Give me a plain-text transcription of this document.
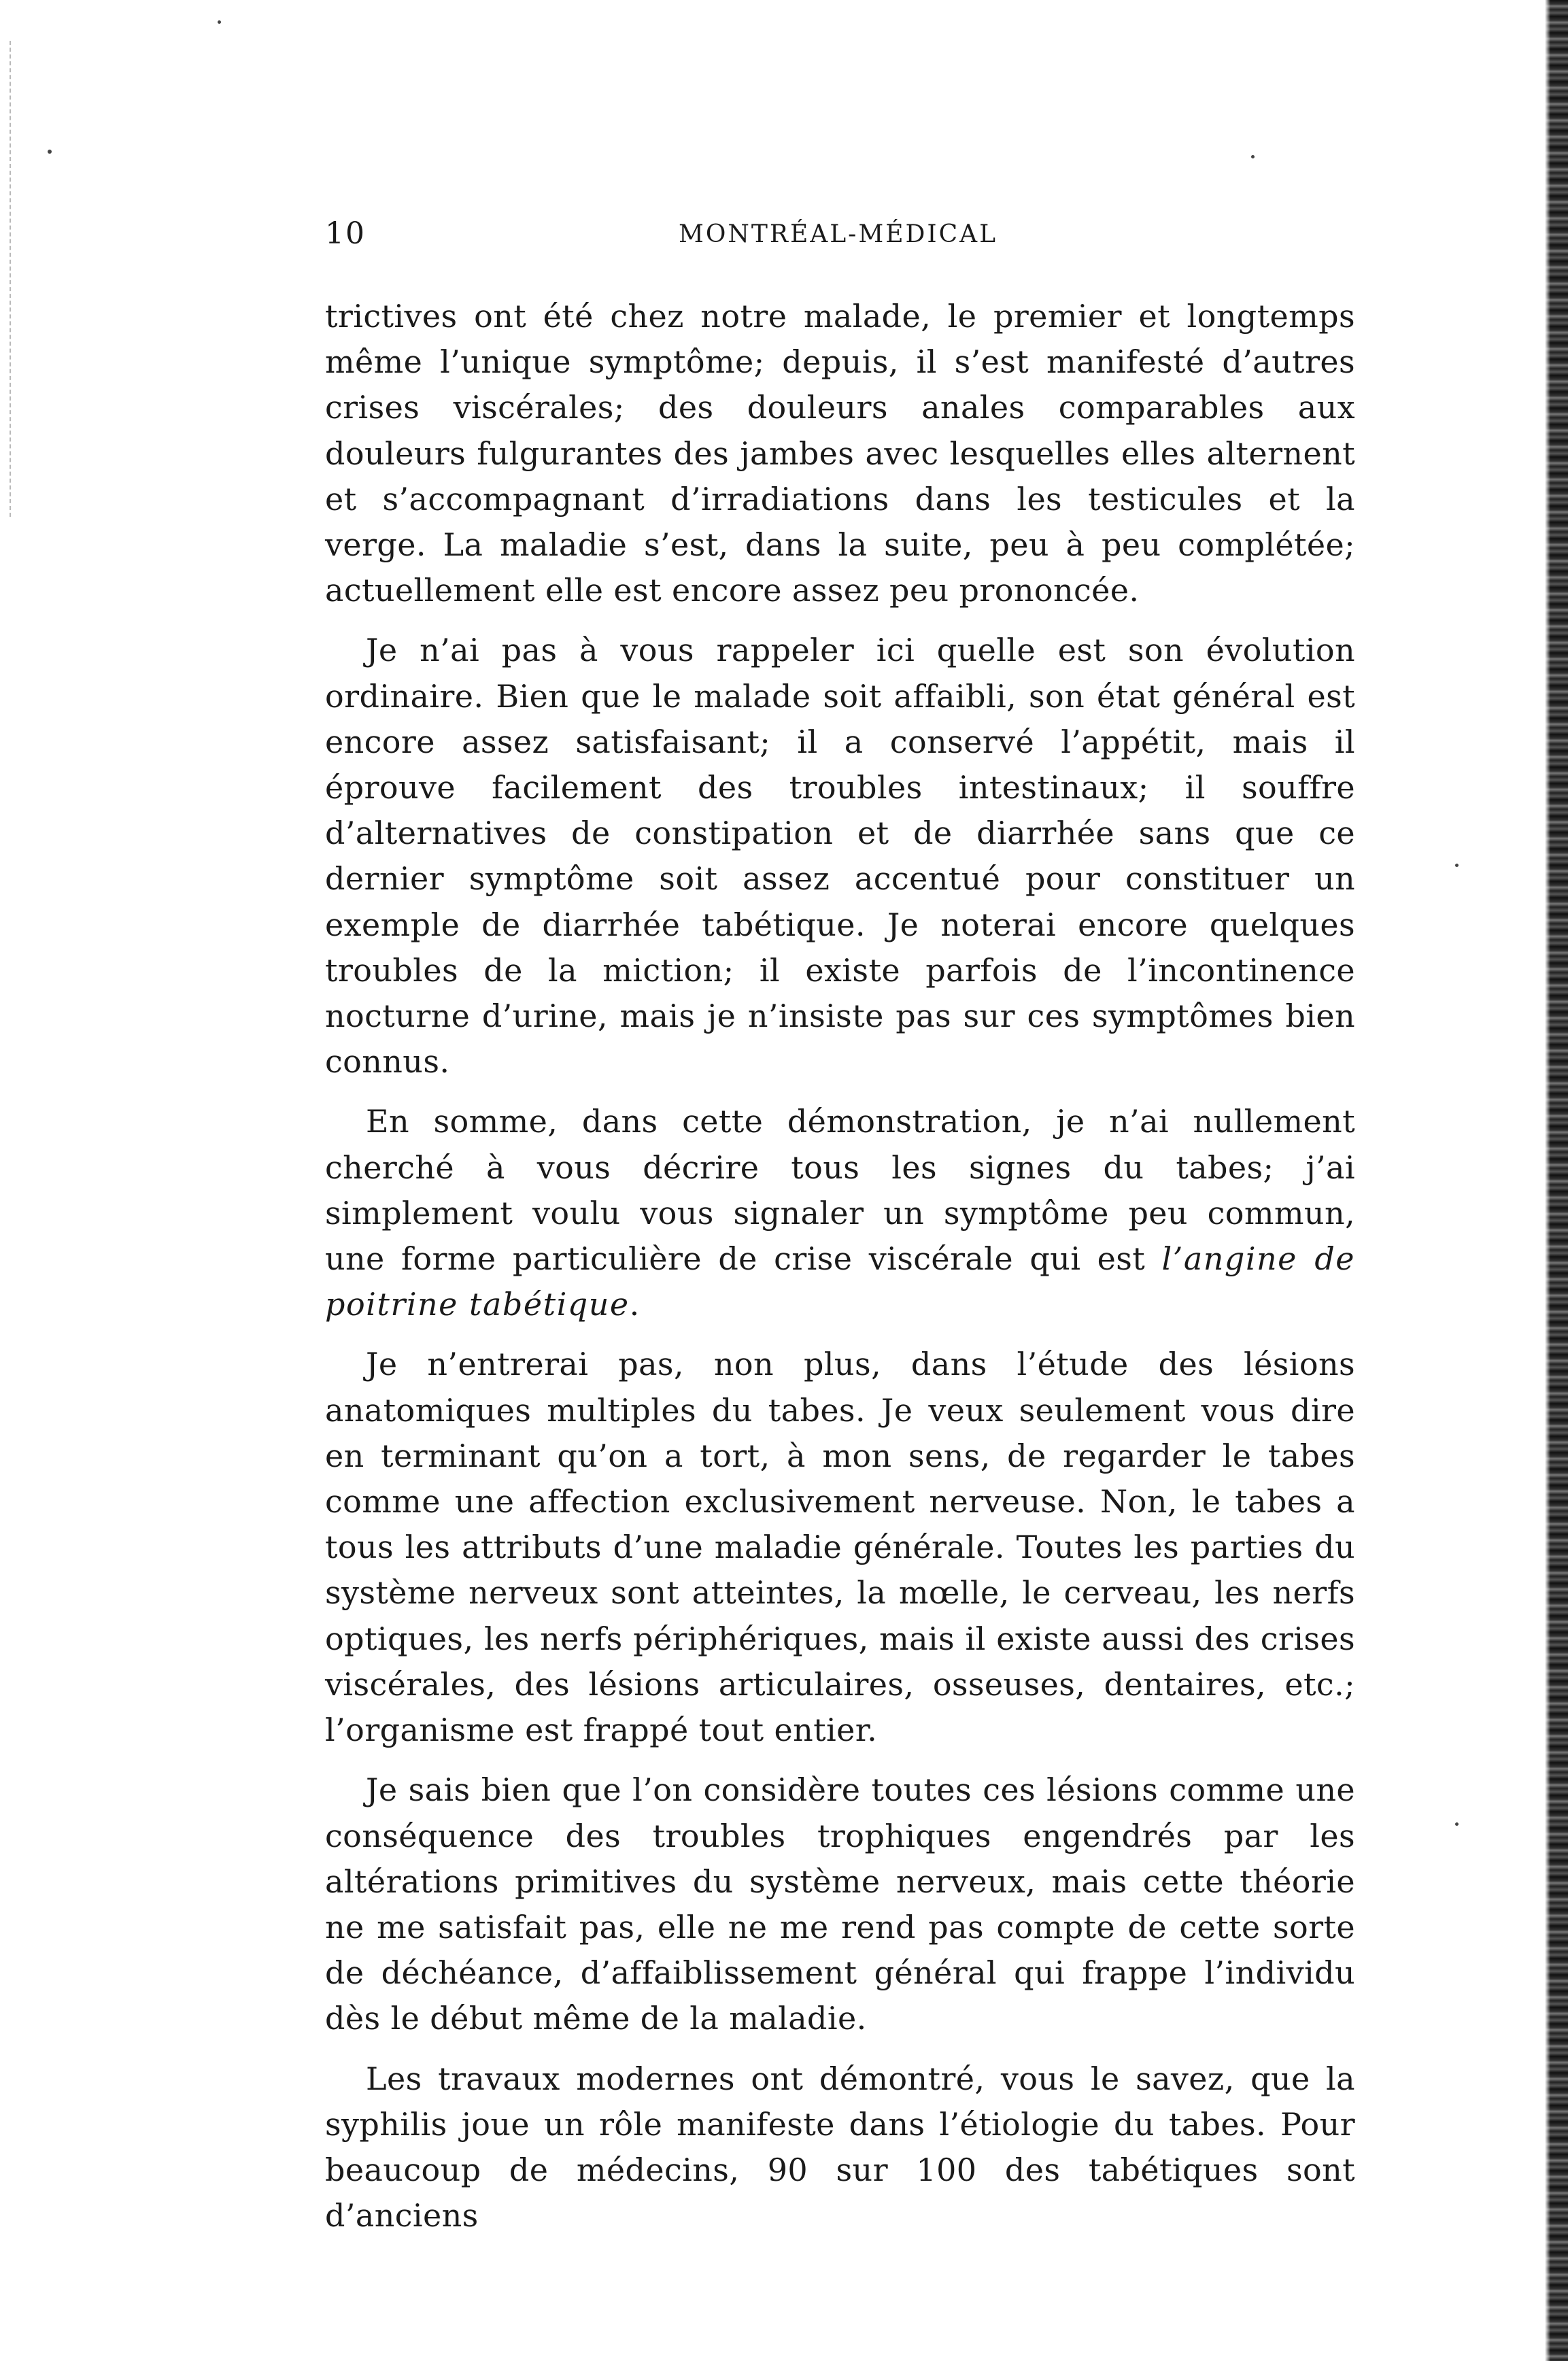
10	MONTRÉAL-MÉDICAL

trictives ont été chez notre malade, le premier et longtemps même l’unique symptôme; depuis, il s’est manifesté d’autres crises viscérales; des douleurs anales comparables aux douleurs fulgurantes des jambes avec lesquelles elles alternent et s’accompagnant d’irradiations dans les testicules et la verge. La maladie s’est, dans la suite, peu à peu complétée; actuellement elle est encore assez peu prononcée.

Je n’ai pas à vous rappeler ici quelle est son évolution ordinaire. Bien que le malade soit affaibli, son état général est encore assez satisfaisant; il a conservé l’appétit, mais il éprouve facilement des troubles intestinaux; il souffre d’alternatives de constipation et de diarrhée sans que ce dernier symptôme soit assez accentué pour constituer un exemple de diarrhée tabétique. Je noterai encore quelques troubles de la miction; il existe parfois de l’incontinence nocturne d’urine, mais je n’insiste pas sur ces symptômes bien connus.

En somme, dans cette démonstration, je n’ai nullement cherché à vous décrire tous les signes du tabes; j’ai simplement voulu vous signaler un symptôme peu commun, une forme particulière de crise viscérale qui est l’angine de poitrine tabétique.

Je n’entrerai pas, non plus, dans l’étude des lésions anatomiques multiples du tabes. Je veux seulement vous dire en terminant qu’on a tort, à mon sens, de regarder le tabes comme une affection exclusivement nerveuse. Non, le tabes a tous les attributs d’une maladie générale. Toutes les parties du système nerveux sont atteintes, la mœlle, le cerveau, les nerfs optiques, les nerfs périphériques, mais il existe aussi des crises viscérales, des lésions articulaires, osseuses, dentaires, etc.; l’organisme est frappé tout entier.

Je sais bien que l’on considère toutes ces lésions comme une conséquence des troubles trophiques engendrés par les altérations primitives du système nerveux, mais cette théorie ne me satisfait pas, elle ne me rend pas compte de cette sorte de déchéance, d’affaiblissement général qui frappe l’individu dès le début même de la maladie.

Les travaux modernes ont démontré, vous le savez, que la syphilis joue un rôle manifeste dans l’étiologie du tabes. Pour beaucoup de médecins, 90 sur 100 des tabétiques sont d’anciens
